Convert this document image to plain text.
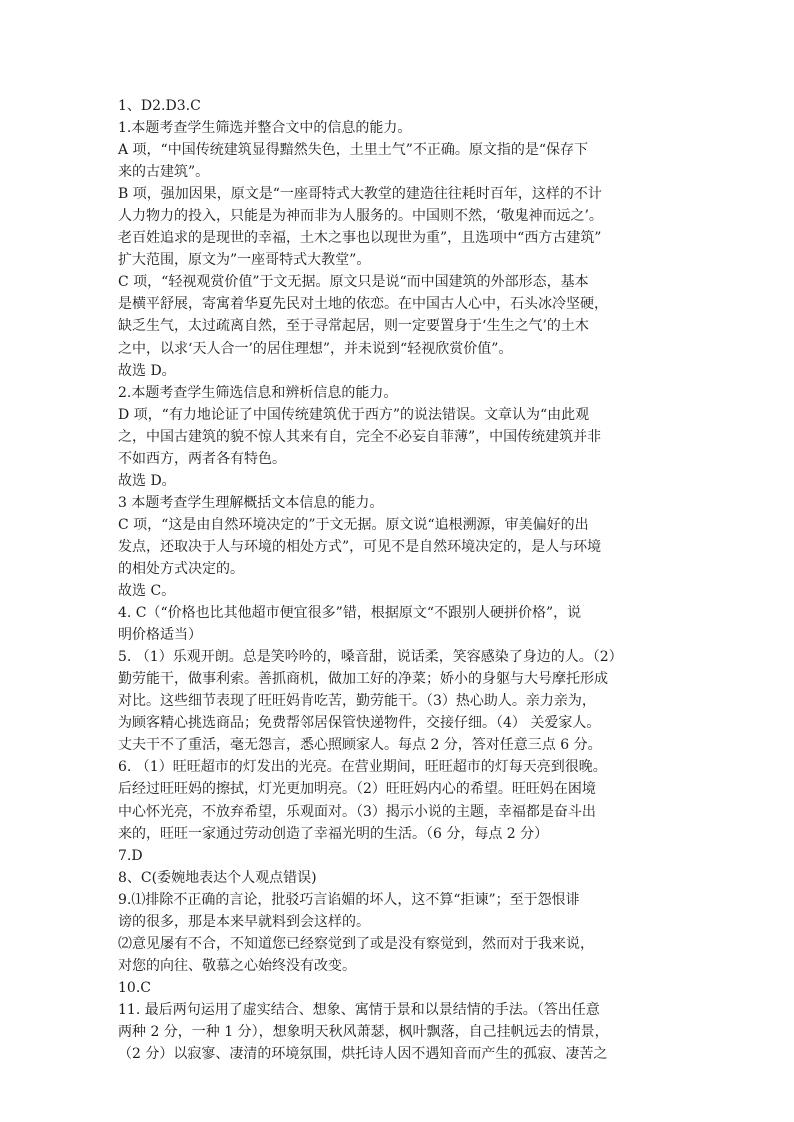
1、D2.D3.C
1.本题考查学生筛选并整合文中的信息的能力。
A 项，“中国传统建筑显得黯然失色，土里土气”不正确。原文指的是“保存下
来的古建筑”。
B 项，强加因果，原文是“一座哥特式大教堂的建造往往耗时百年，这样的不计
人力物力的投入，只能是为神而非为人服务的。中国则不然，‘敬鬼神而远之’。
老百姓追求的是现世的幸福，土木之事也以现世为重”，且选项中“西方古建筑”
扩大范围，原文为”一座哥特式大教堂”。
C 项，“轻视观赏价值”于文无据。原文只是说“而中国建筑的外部形态，基本
是横平舒展，寄寓着华夏先民对土地的依恋。在中国古人心中，石头冰冷坚硬，
缺乏生气，太过疏离自然，至于寻常起居，则一定要置身于‘生生之气’的土木
之中，以求‘天人合一’的居住理想”，并未说到“轻视欣赏价值”。
故选 D。
2.本题考查学生筛选信息和辨析信息的能力。
D 项，“有力地论证了中国传统建筑优于西方”的说法错误。文章认为“由此观
之，中国古建筑的貌不惊人其来有自，完全不必妄自菲薄”，中国传统建筑并非
不如西方，两者各有特色。
故选 D。
3 本题考查学生理解概括文本信息的能力。
C 项，“这是由自然环境决定的”于文无据。原文说“追根溯源，审美偏好的出
发点，还取决于人与环境的相处方式”，可见不是自然环境决定的，是人与环境
的相处方式决定的。
故选 C。
4. C（“价格也比其他超市便宜很多”错，根据原文“不跟别人硬拼价格”，说
明价格适当）
5. （1）乐观开朗。总是笑吟吟的，嗓音甜，说话柔，笑容感染了身边的人。（2）
勤劳能干，做事利索。善抓商机，做加工好的净菜；娇小的身躯与大号摩托形成
对比。这些细节表现了旺旺妈肯吃苦，勤劳能干。（3）热心助人。亲力亲为，
为顾客精心挑选商品；免费帮邻居保管快递物件，交接仔细。（4） 关爱家人。
丈夫干不了重活，毫无怨言，悉心照顾家人。每点 2 分，答对任意三点 6 分。
6. （1）旺旺超市的灯发出的光亮。在营业期间，旺旺超市的灯每天亮到很晚。
后经过旺旺妈的擦拭，灯光更加明亮。（2）旺旺妈内心的希望。旺旺妈在困境
中心怀光亮，不放弃希望，乐观面对。（3）揭示小说的主题，幸福都是奋斗出
来的，旺旺一家通过劳动创造了幸福光明的生活。（6 分，每点 2 分）
7.D
8、C(委婉地表达个人观点错误)
9.⑴排除不正确的言论，批驳巧言谄媚的坏人，这不算“拒谏”；至于怨恨诽
谤的很多，那是本来早就料到会这样的。
⑵意见屡有不合，不知道您已经察觉到了或是没有察觉到，然而对于我来说，
对您的向往、敬慕之心始终没有改变。
10.C
11. 最后两句运用了虚实结合、想象、寓情于景和以景结情的手法。（答出任意
两种 2 分，一种 1 分），想象明天秋风萧瑟，枫叶飘落，自己挂帆远去的情景，
（2 分）以寂寥、凄清的环境氛围，烘托诗人因不遇知音而产生的孤寂、凄苦之
